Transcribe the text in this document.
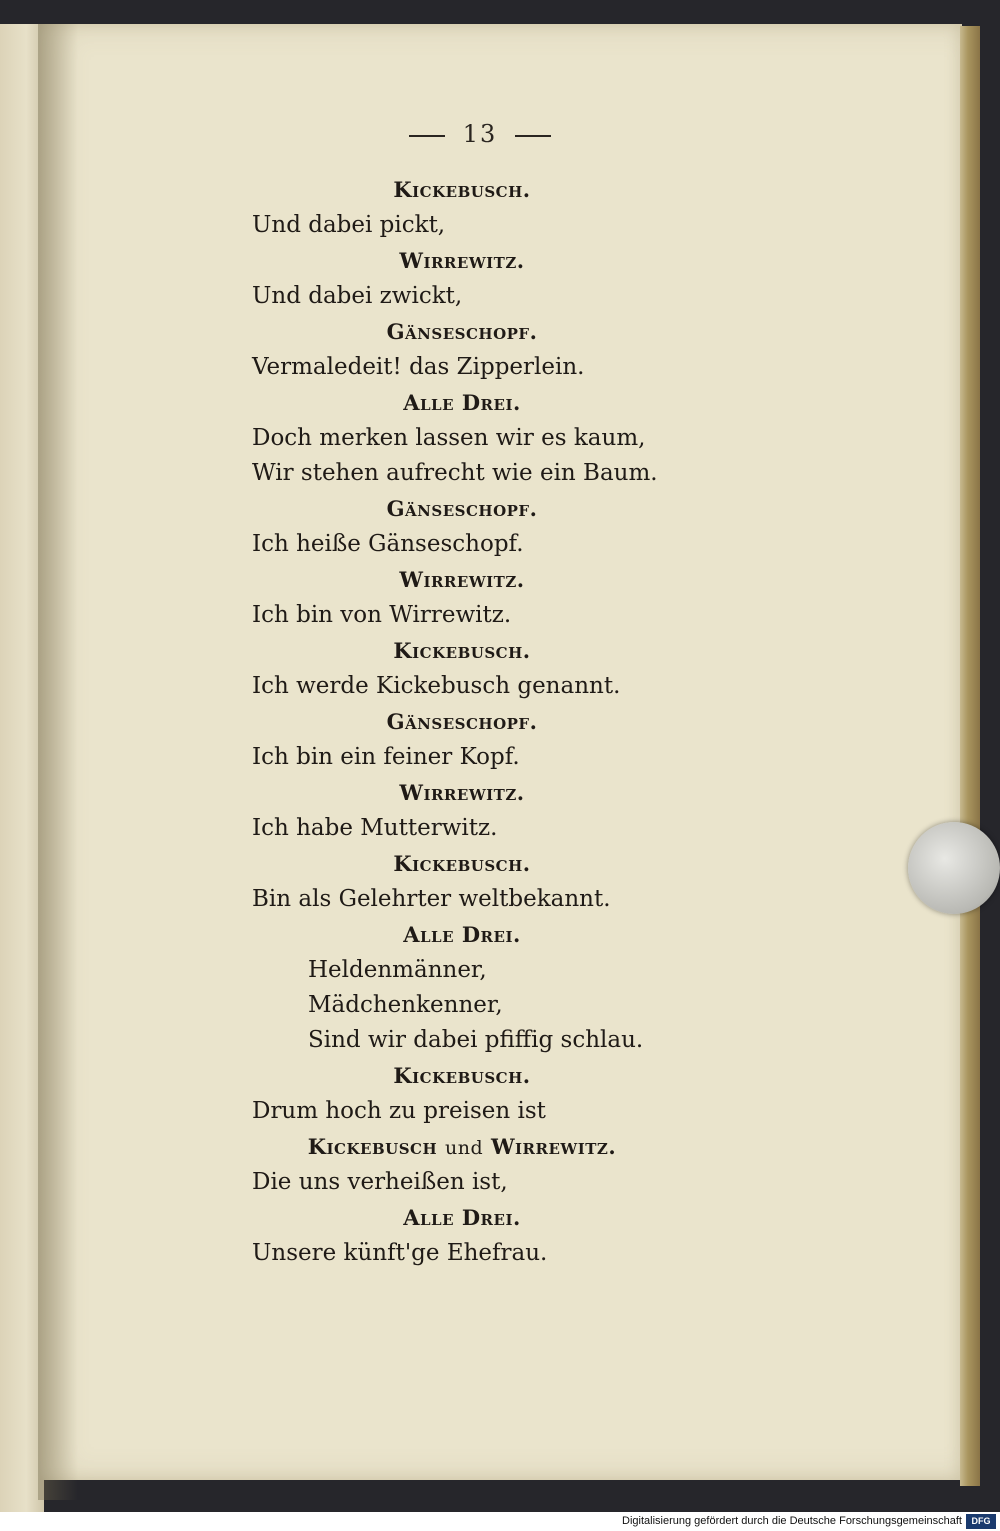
13
Kickebusch.
Und dabei pickt,
Wirrewitz.
Und dabei zwickt,
Gänseschopf.
Vermaledeit! das Zipperlein.
Alle Drei.
Doch merken lassen wir es kaum,
Wir stehen aufrecht wie ein Baum.
Gänseschopf.
Ich heiße Gänseschopf.
Wirrewitz.
Ich bin von Wirrewitz.
Kickebusch.
Ich werde Kickebusch genannt.
Gänseschopf.
Ich bin ein feiner Kopf.
Wirrewitz.
Ich habe Mutterwitz.
Kickebusch.
Bin als Gelehrter weltbekannt.
Alle Drei.
Heldenmänner,
Mädchenkenner,
Sind wir dabei pfiffig schlau.
Kickebusch.
Drum hoch zu preisen ist
Kickebusch und Wirrewitz.
Die uns verheißen ist,
Alle Drei.
Unsere künft'ge Ehefrau.
Digitalisierung gefördert durch die Deutsche Forschungsgemeinschaft	DFG
